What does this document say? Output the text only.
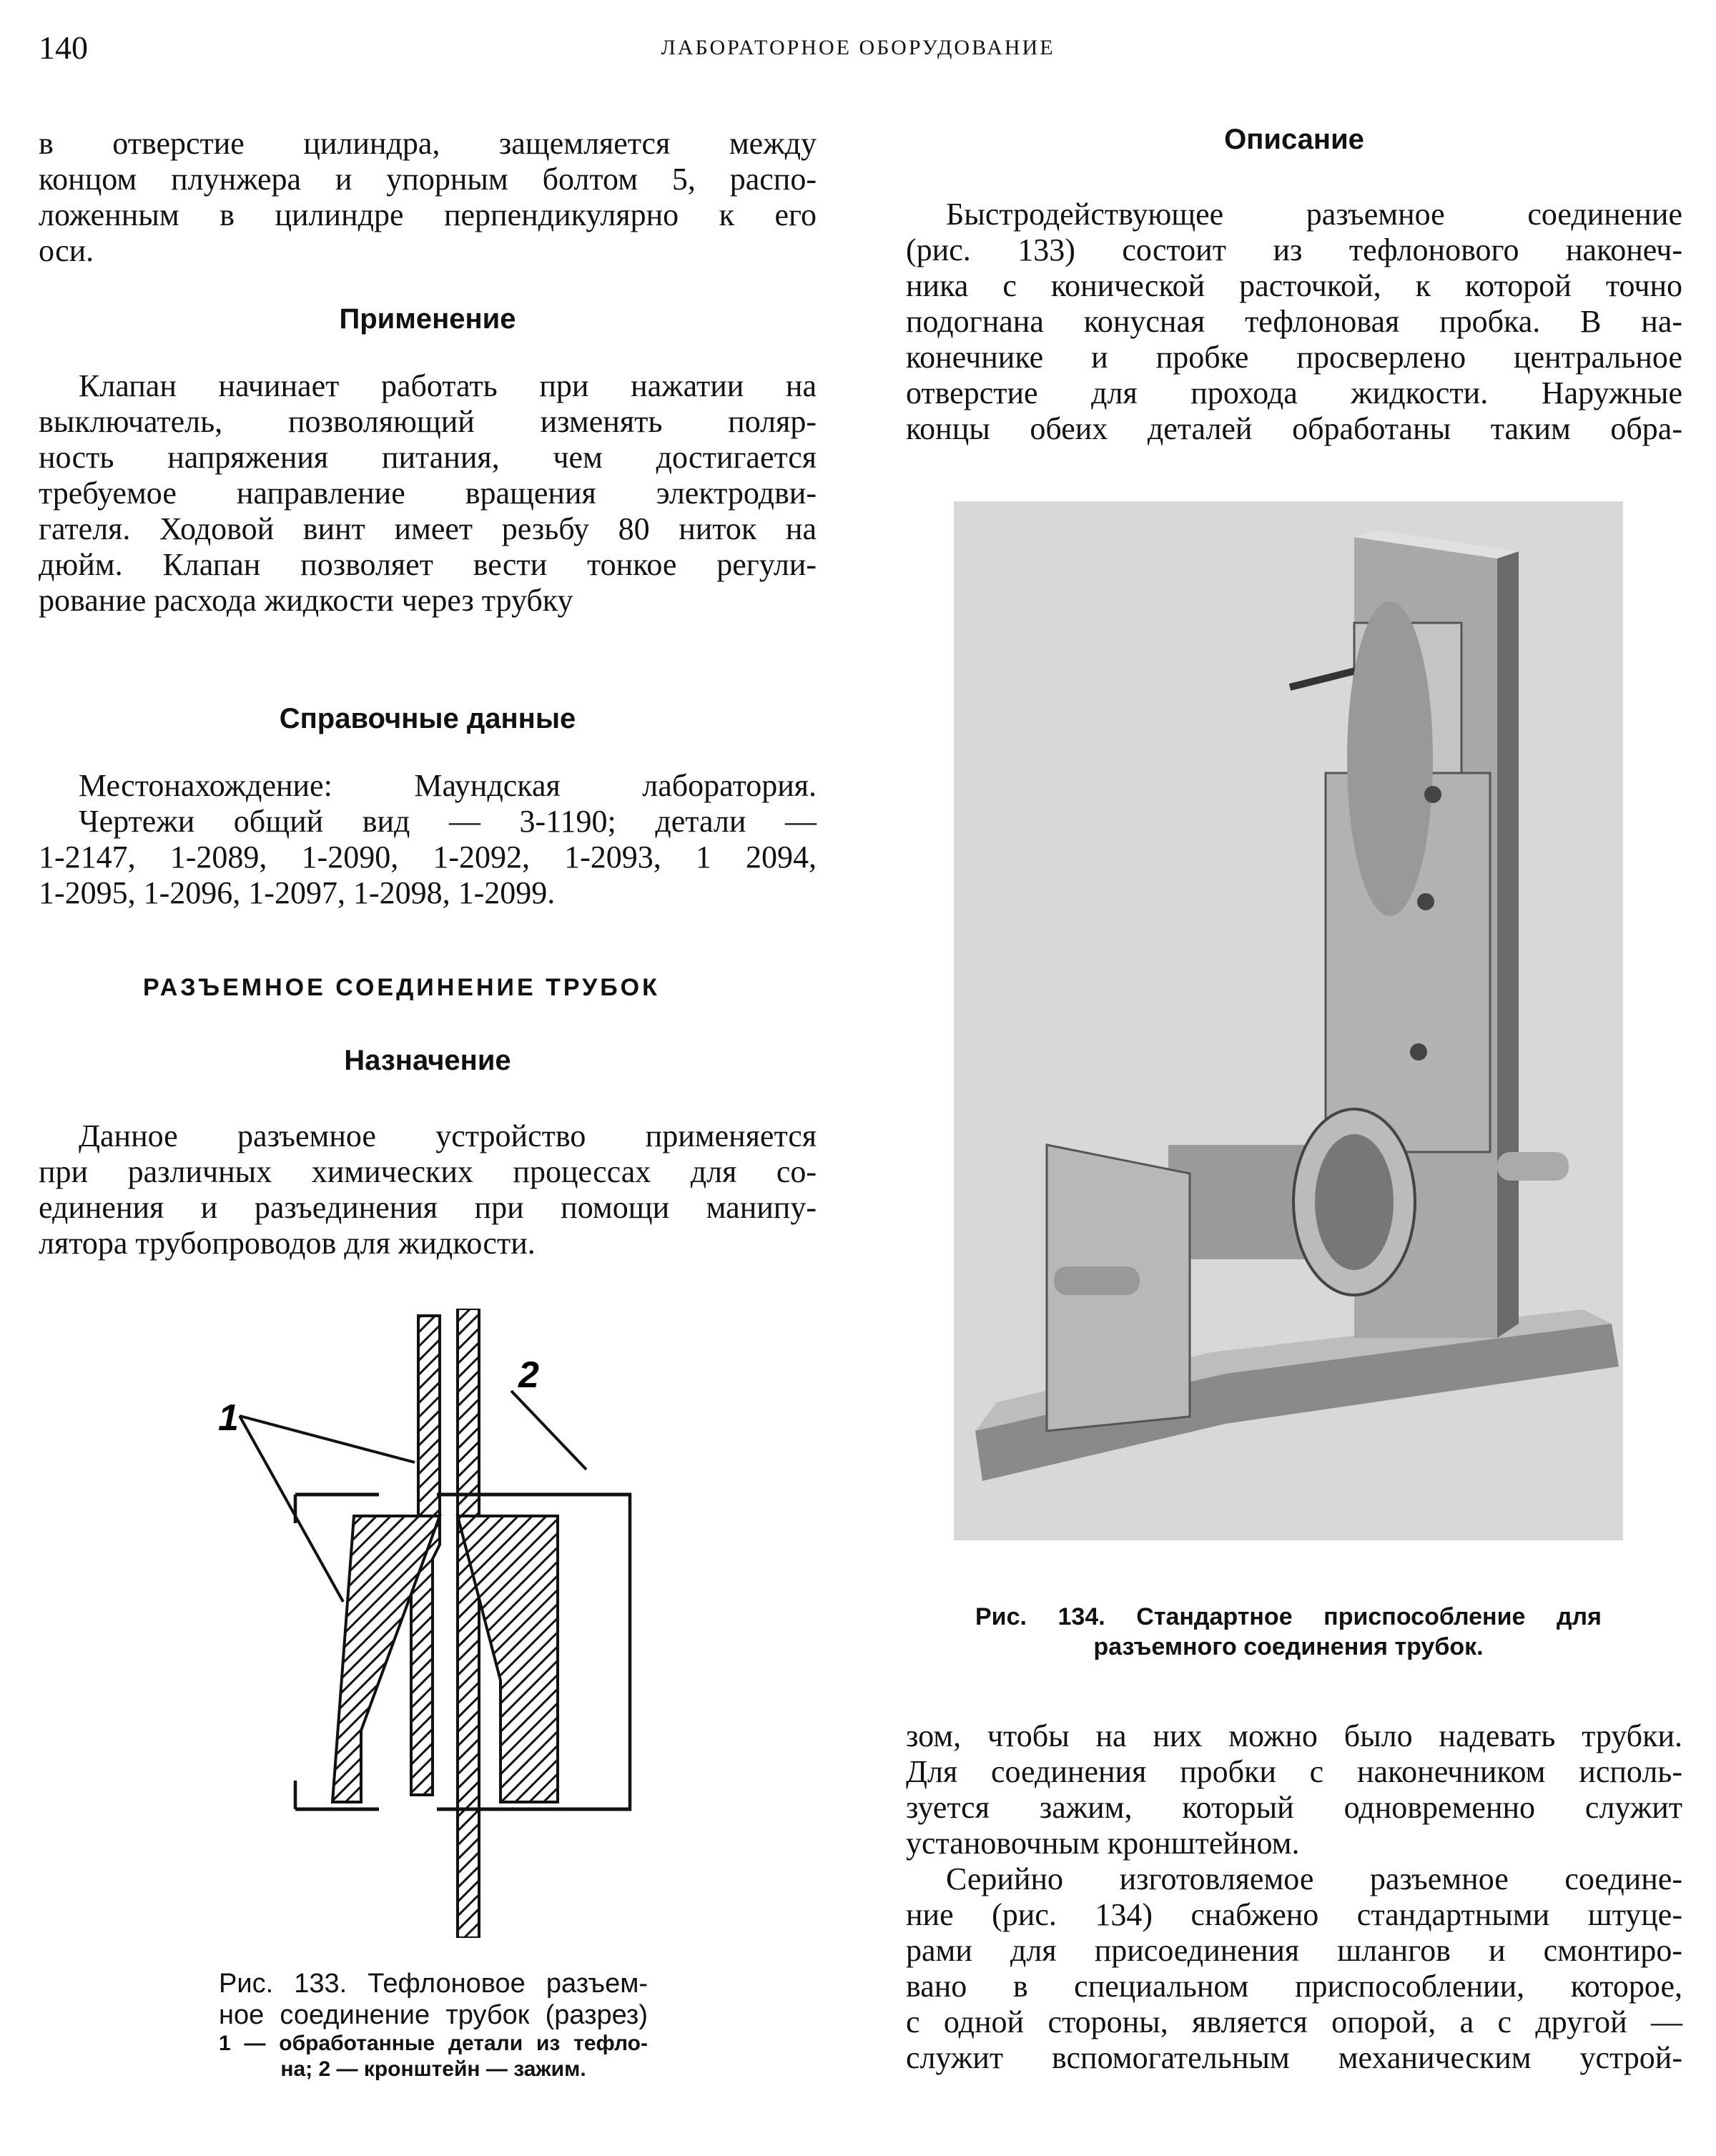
140	ЛАБОРАТОРНОЕ ОБОРУДОВАНИЕ
в отверстие цилиндра, защемляется между
концом плунжера и упорным болтом 5, распо-
ложенным в цилиндре перпендикулярно к его
оси.
Клапан начинает работать при нажатии на
выключатель, позволяющий изменять поляр-
ность напряжения питания, чем достигается
требуемое направление вращения электродви-
гателя. Ходовой винт имеет резьбу 80 ниток на
дюйм. Клапан позволяет вести тонкое регули-
рование расхода жидкости через трубку
Местонахождение: Маундская лаборатория.
Чертежи общий вид — 3-1190; детали —
1-2147, 1-2089, 1-2090, 1-2092, 1-2093, 1 2094,
1-2095, 1-2096, 1-2097, 1-2098, 1-2099.
Данное разъемное устройство применяется
при различных химических процессах для со-
единения и разъединения при помощи манипу-
лятора трубопроводов для жидкости.
Быстродействующее разъемное соединение
(рис. 133) состоит из тефлонового наконеч-
ника с конической расточкой, к которой точно
подогнана конусная тефлоновая пробка. В на-
конечнике и пробке просверлено центральное
отверстие для прохода жидкости. Наружные
концы обеих деталей обработаны таким обра-
зом, чтобы на них можно было надевать трубки.
Для соединения пробки с наконечником исполь-
зуется зажим, который одновременно служит
установочным кронштейном.
Серийно изготовляемое разъемное соедине-
ние (рис. 134) снабжено стандартными штуце-
рами для присоединения шлангов и смонтиро-
вано в специальном приспособлении, которое,
с одной стороны, является опорой, а с другой —
служит вспомогательным механическим устрой-
Применение
Справочные данные
РАЗЪЕМНОЕ СОЕДИНЕНИЕ ТРУБОК
Назначение
Описание
1
2
Рис. 133. Тефлоновое разъем-
ное соединение трубок (разрез)
1 — обработанные детали из тефло-
на; 2 — кронштейн — зажим.
Рис. 134. Стандартное приспособление для
разъемного соединения трубок.
